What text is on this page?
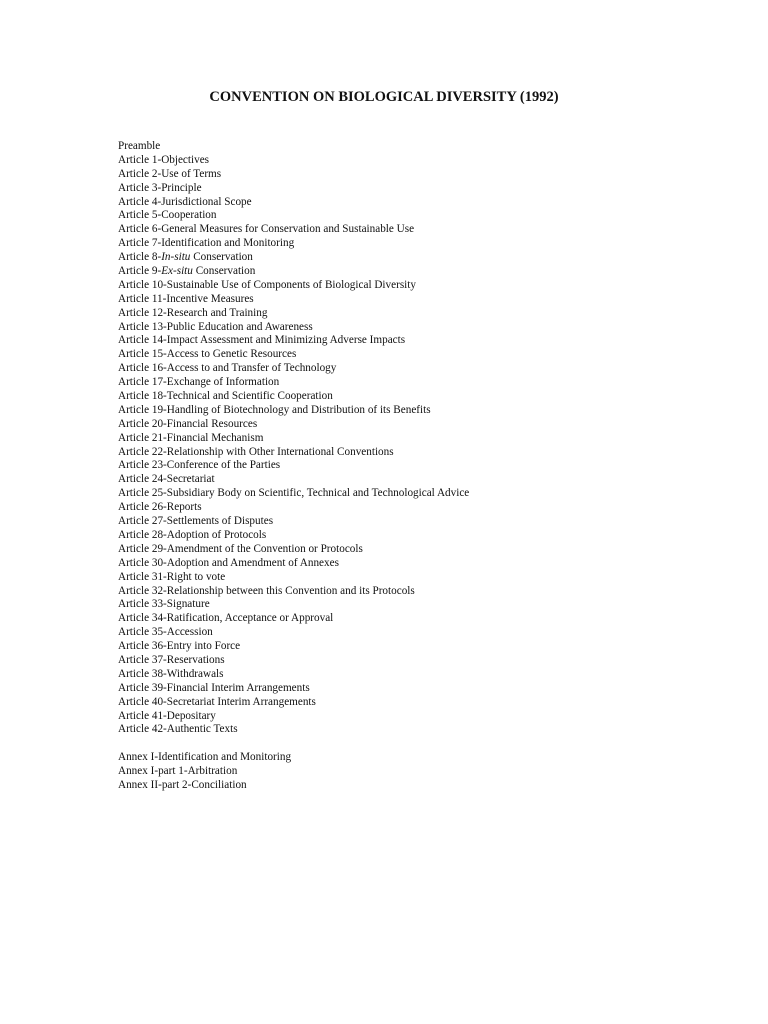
CONVENTION ON BIOLOGICAL DIVERSITY (1992)
Preamble
Article 1-Objectives
Article 2-Use of Terms
Article 3-Principle
Article 4-Jurisdictional Scope
Article 5-Cooperation
Article 6-General Measures for Conservation and Sustainable Use
Article 7-Identification and Monitoring
Article 8-In-situ Conservation
Article 9-Ex-situ Conservation
Article 10-Sustainable Use of Components of Biological Diversity
Article 11-Incentive Measures
Article 12-Research and Training
Article 13-Public Education and Awareness
Article 14-Impact Assessment and Minimizing Adverse Impacts
Article 15-Access to Genetic Resources
Article 16-Access to and Transfer of Technology
Article 17-Exchange of Information
Article 18-Technical and Scientific Cooperation
Article 19-Handling of Biotechnology and Distribution of its Benefits
Article 20-Financial Resources
Article 21-Financial Mechanism
Article 22-Relationship with Other International Conventions
Article 23-Conference of the Parties
Article 24-Secretariat
Article 25-Subsidiary Body on Scientific, Technical and Technological Advice
Article 26-Reports
Article 27-Settlements of Disputes
Article 28-Adoption of Protocols
Article 29-Amendment of the Convention or Protocols
Article 30-Adoption and Amendment of Annexes
Article 31-Right to vote
Article 32-Relationship between this Convention and its Protocols
Article 33-Signature
Article 34-Ratification, Acceptance or Approval
Article 35-Accession
Article 36-Entry into Force
Article 37-Reservations
Article 38-Withdrawals
Article 39-Financial Interim Arrangements
Article 40-Secretariat Interim Arrangements
Article 41-Depositary
Article 42-Authentic Texts
Annex I-Identification and Monitoring
Annex I-part 1-Arbitration
Annex II-part 2-Conciliation
